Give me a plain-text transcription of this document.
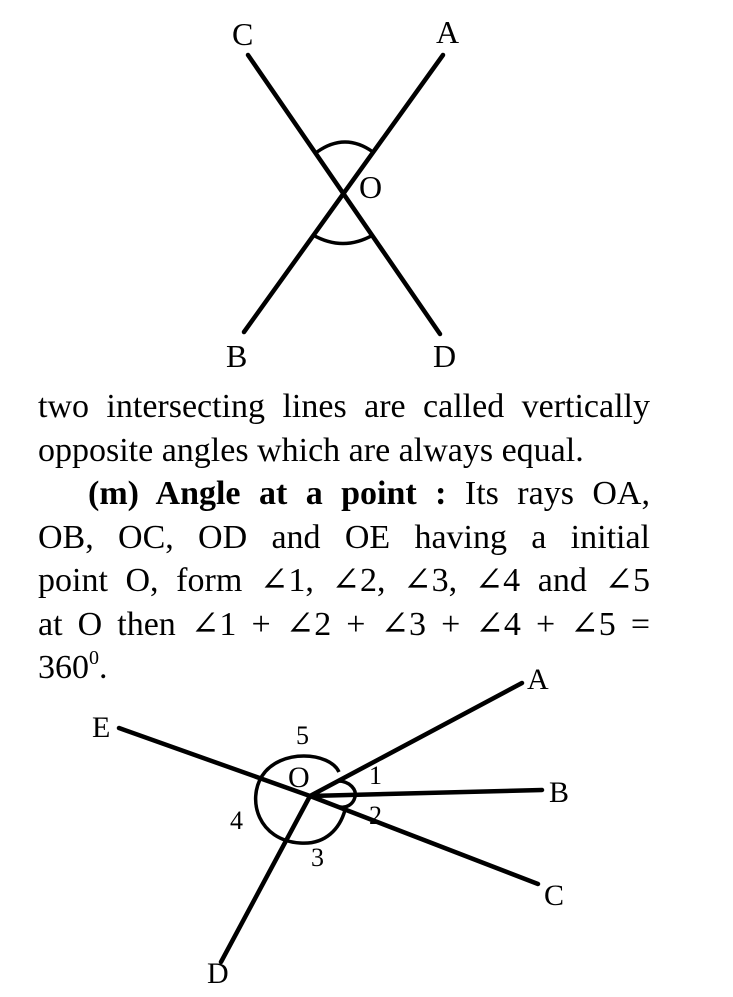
C	A
O
B	D
two intersecting lines are called vertically
opposite angles which are always equal.
(m) Angle at a point : Its rays OA,
OB, OC, OD and OE having a initial
point O, form ∠1, ∠2, ∠3, ∠4 and ∠5
at O then ∠1 + ∠2 + ∠3 + ∠4 + ∠5 =
$360^0$.	A
E
B
C
D
O 1
2
3
4
5
